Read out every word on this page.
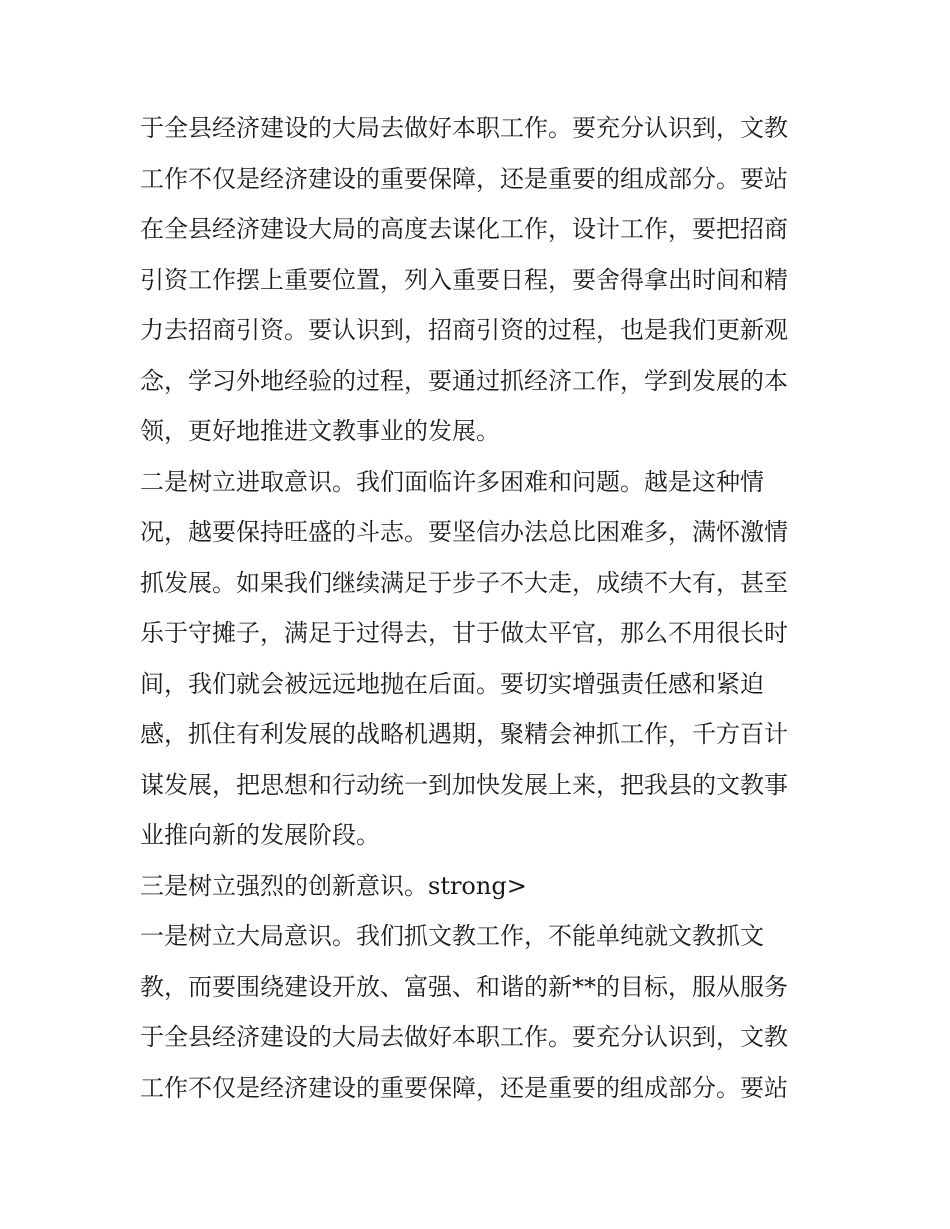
于全县经济建设的大局去做好本职工作。要充分认识到，文教
工作不仅是经济建设的重要保障，还是重要的组成部分。要站
在全县经济建设大局的高度去谋化工作，设计工作，要把招商
引资工作摆上重要位置，列入重要日程，要舍得拿出时间和精
力去招商引资。要认识到，招商引资的过程，也是我们更新观
念，学习外地经验的过程，要通过抓经济工作，学到发展的本
领，更好地推进文教事业的发展。

二是树立进取意识。我们面临许多困难和问题。越是这种情
况，越要保持旺盛的斗志。要坚信办法总比困难多，满怀激情
抓发展。如果我们继续满足于步子不大走，成绩不大有，甚至
乐于守摊子，满足于过得去，甘于做太平官，那么不用很长时
间，我们就会被远远地抛在后面。要切实增强责任感和紧迫
感，抓住有利发展的战略机遇期，聚精会神抓工作，千方百计
谋发展，把思想和行动统一到加快发展上来，把我县的文教事
业推向新的发展阶段。

三是树立强烈的创新意识。strong>

一是树立大局意识。我们抓文教工作，不能单纯就文教抓文
教，而要围绕建设开放、富强、和谐的新**的目标，服从服务
于全县经济建设的大局去做好本职工作。要充分认识到，文教
工作不仅是经济建设的重要保障，还是重要的组成部分。要站
